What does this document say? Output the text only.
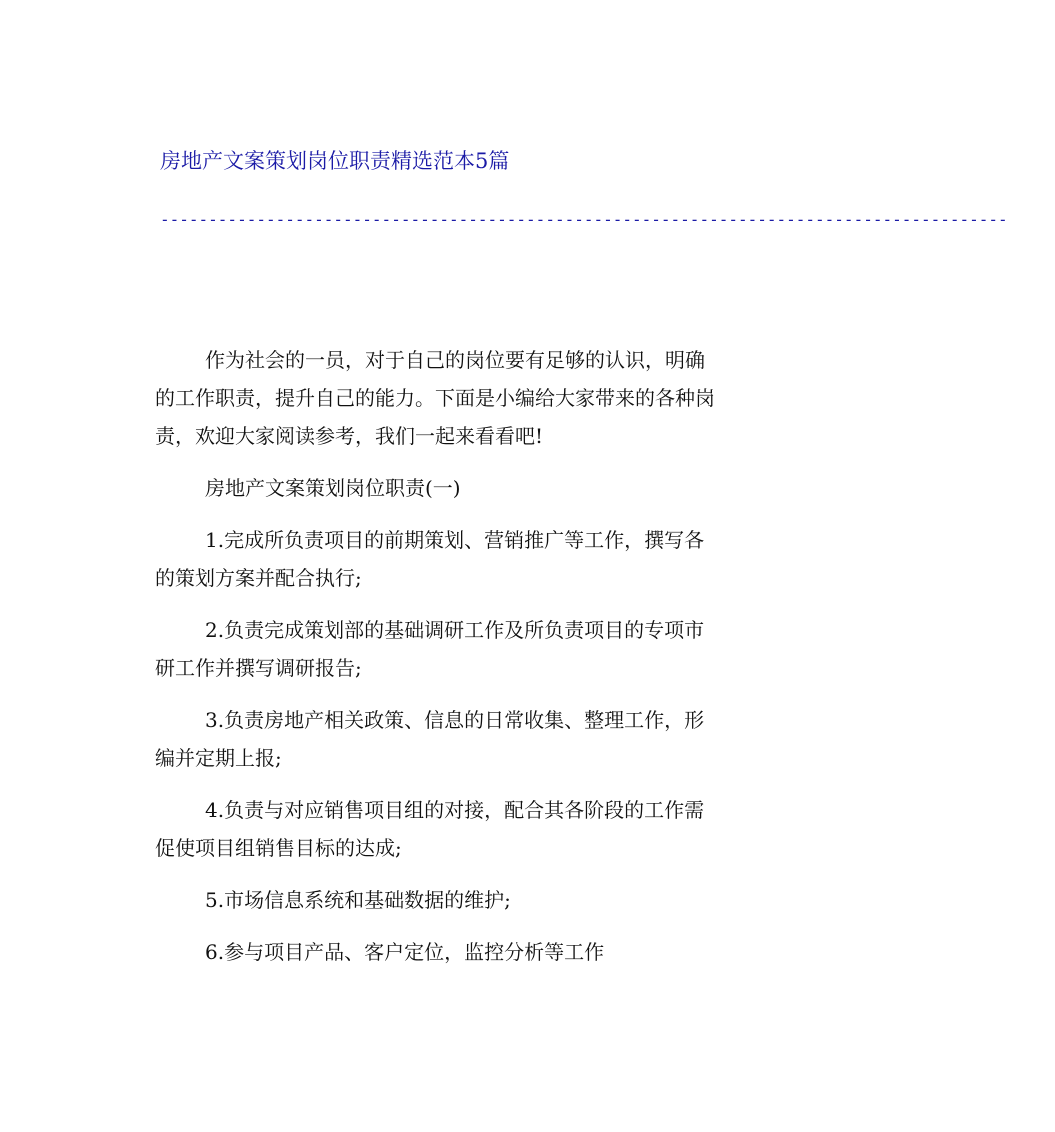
房地产文案策划岗位职责精选范本5篇
----------------------------------------------------------------------------------------

作为社会的一员，对于自己的岗位要有足够的认识，明确
的工作职责，提升自己的能力。下面是小编给大家带来的各种岗
责，欢迎大家阅读参考，我们一起来看看吧!

房地产文案策划岗位职责(一)

1.完成所负责项目的前期策划、营销推广等工作，撰写各
的策划方案并配合执行;

2.负责完成策划部的基础调研工作及所负责项目的专项市
研工作并撰写调研报告;

3.负责房地产相关政策、信息的日常收集、整理工作，形
编并定期上报;

4.负责与对应销售项目组的对接，配合其各阶段的工作需
促使项目组销售目标的达成;

5.市场信息系统和基础数据的维护;

6.参与项目产品、客户定位，监控分析等工作
